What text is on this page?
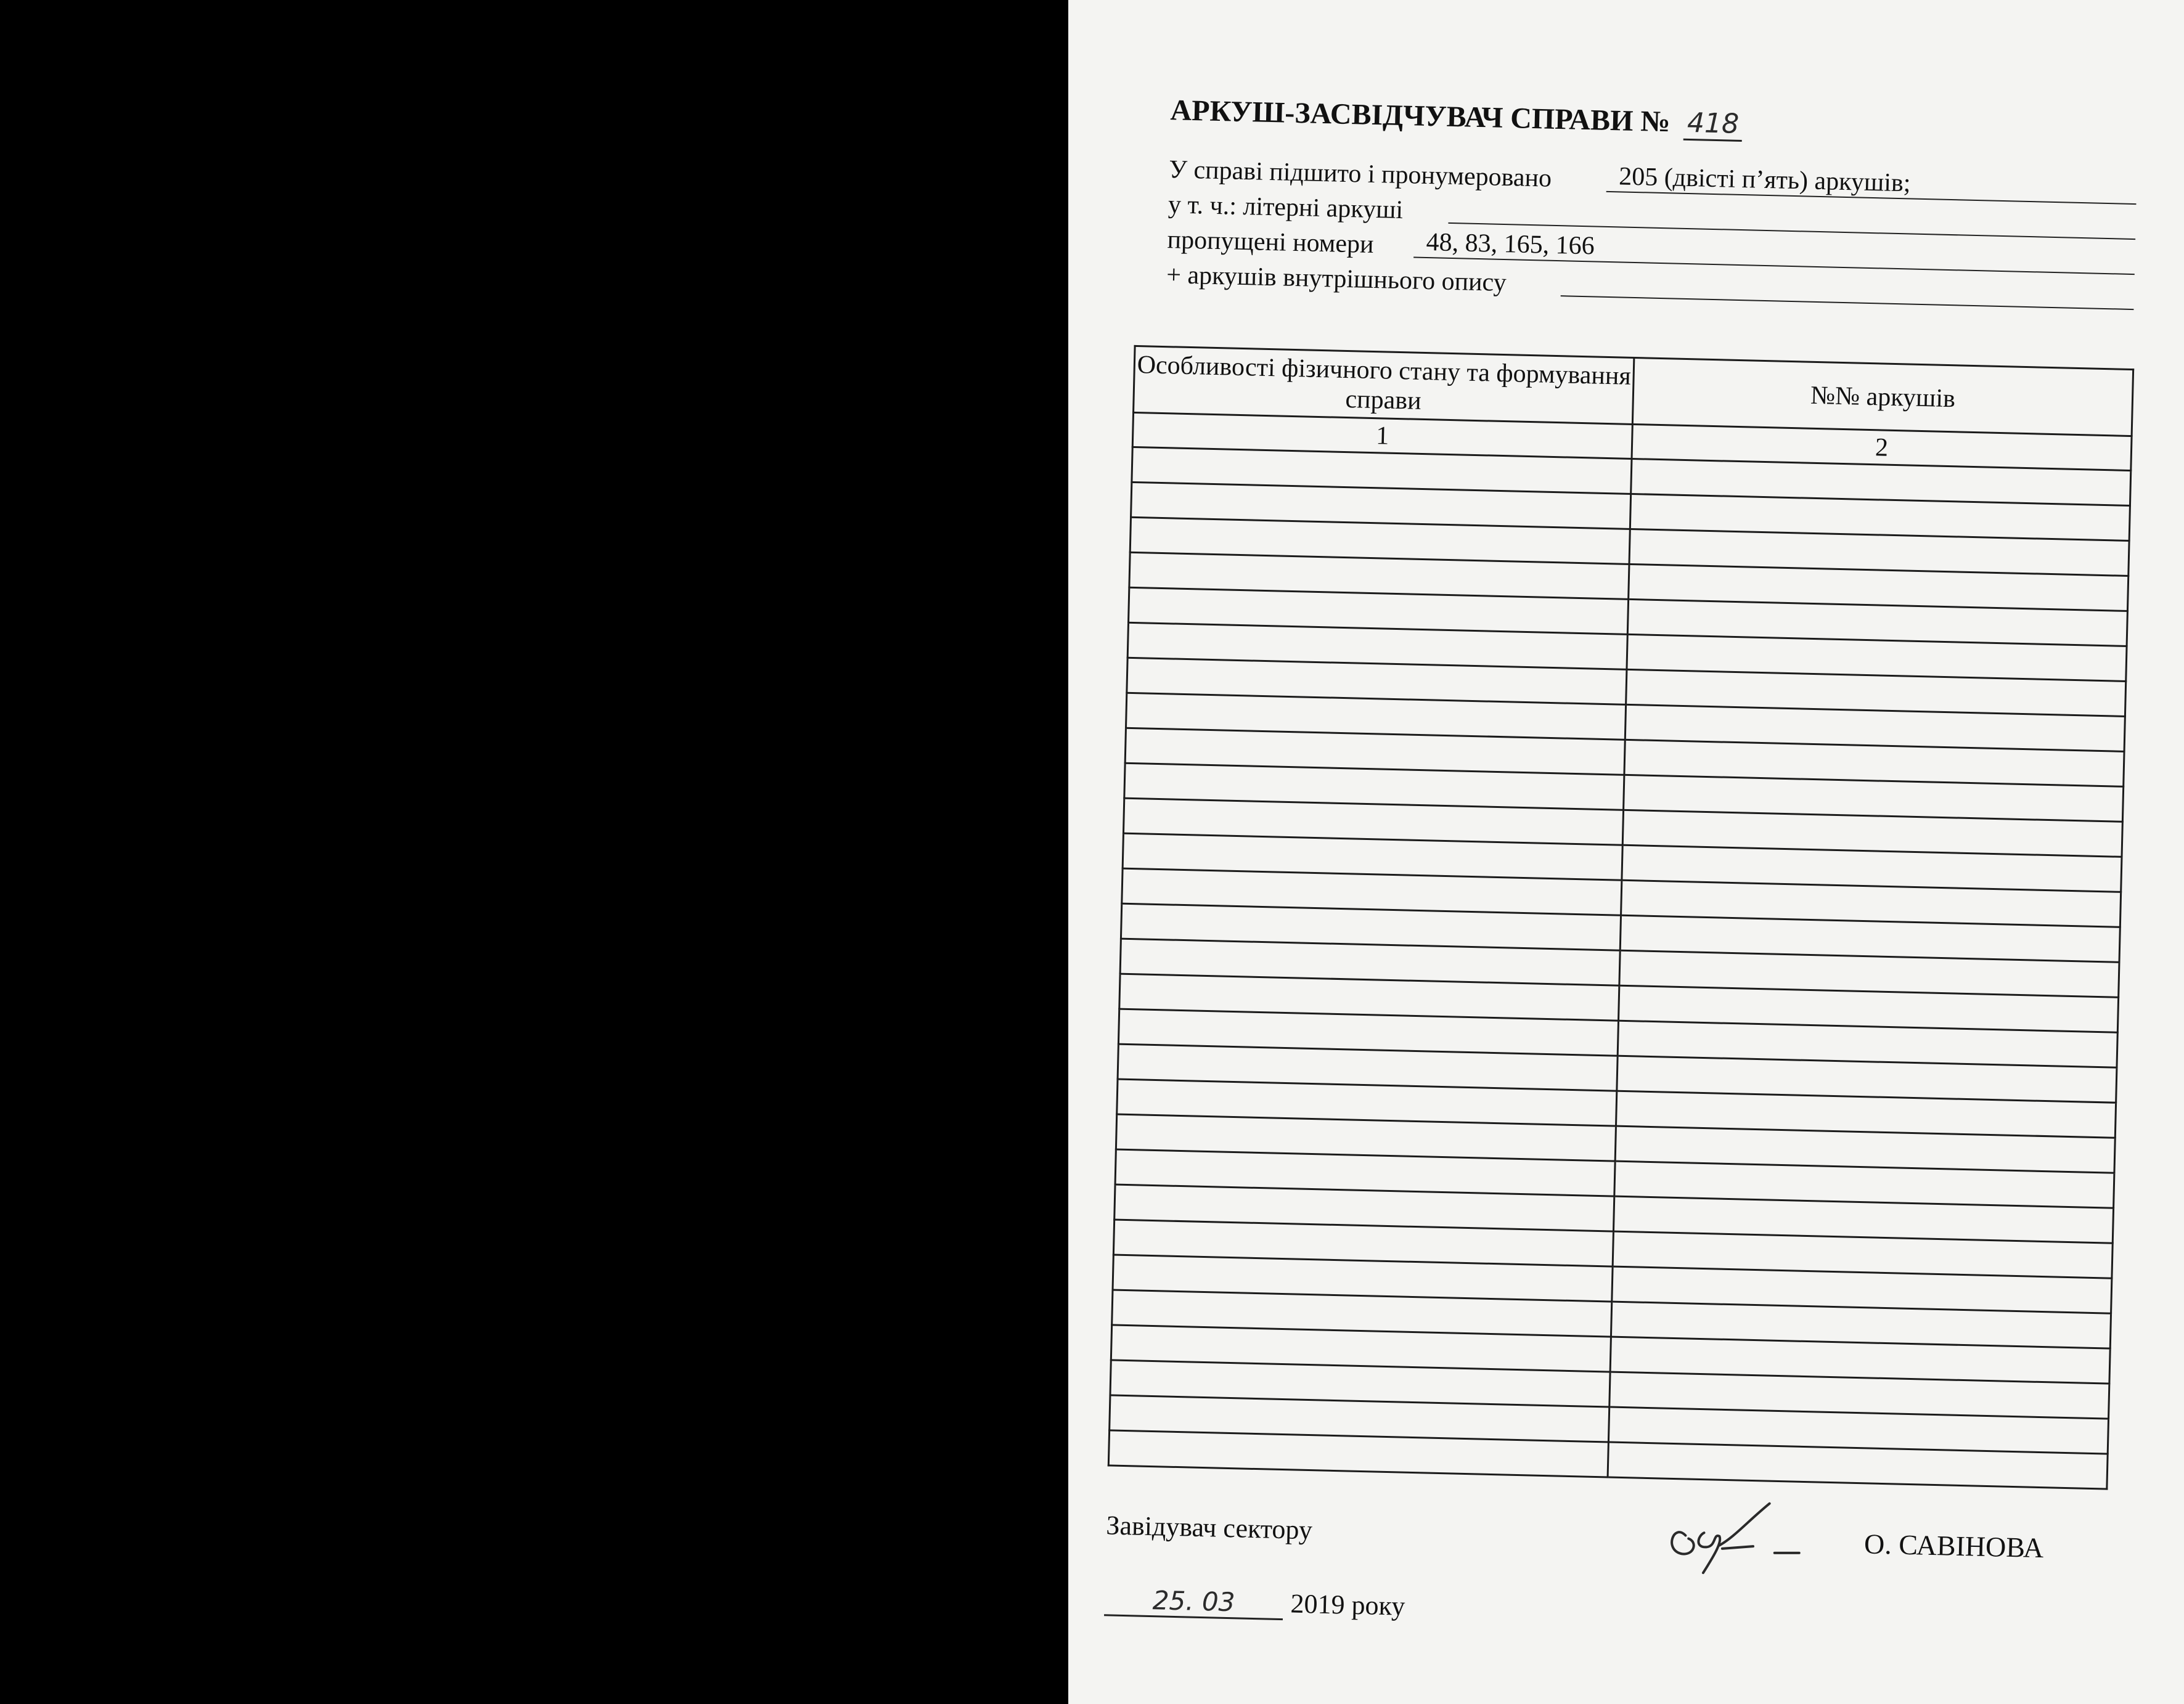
АРКУШ-ЗАСВІДЧУВАЧ СПРАВИ № 418
У справі підшито і пронумеровано	205 (двісті п’ять) аркушів;
у т. ч.: літерні аркуші
пропущені номери	48, 83, 165, 166
+ аркушів внутрішнього опису
Особливості фізичного стану та формування справи	№№ аркушів
1	2

Завідувач сектору
О. САВІНОВА
25. 03 2019 року
